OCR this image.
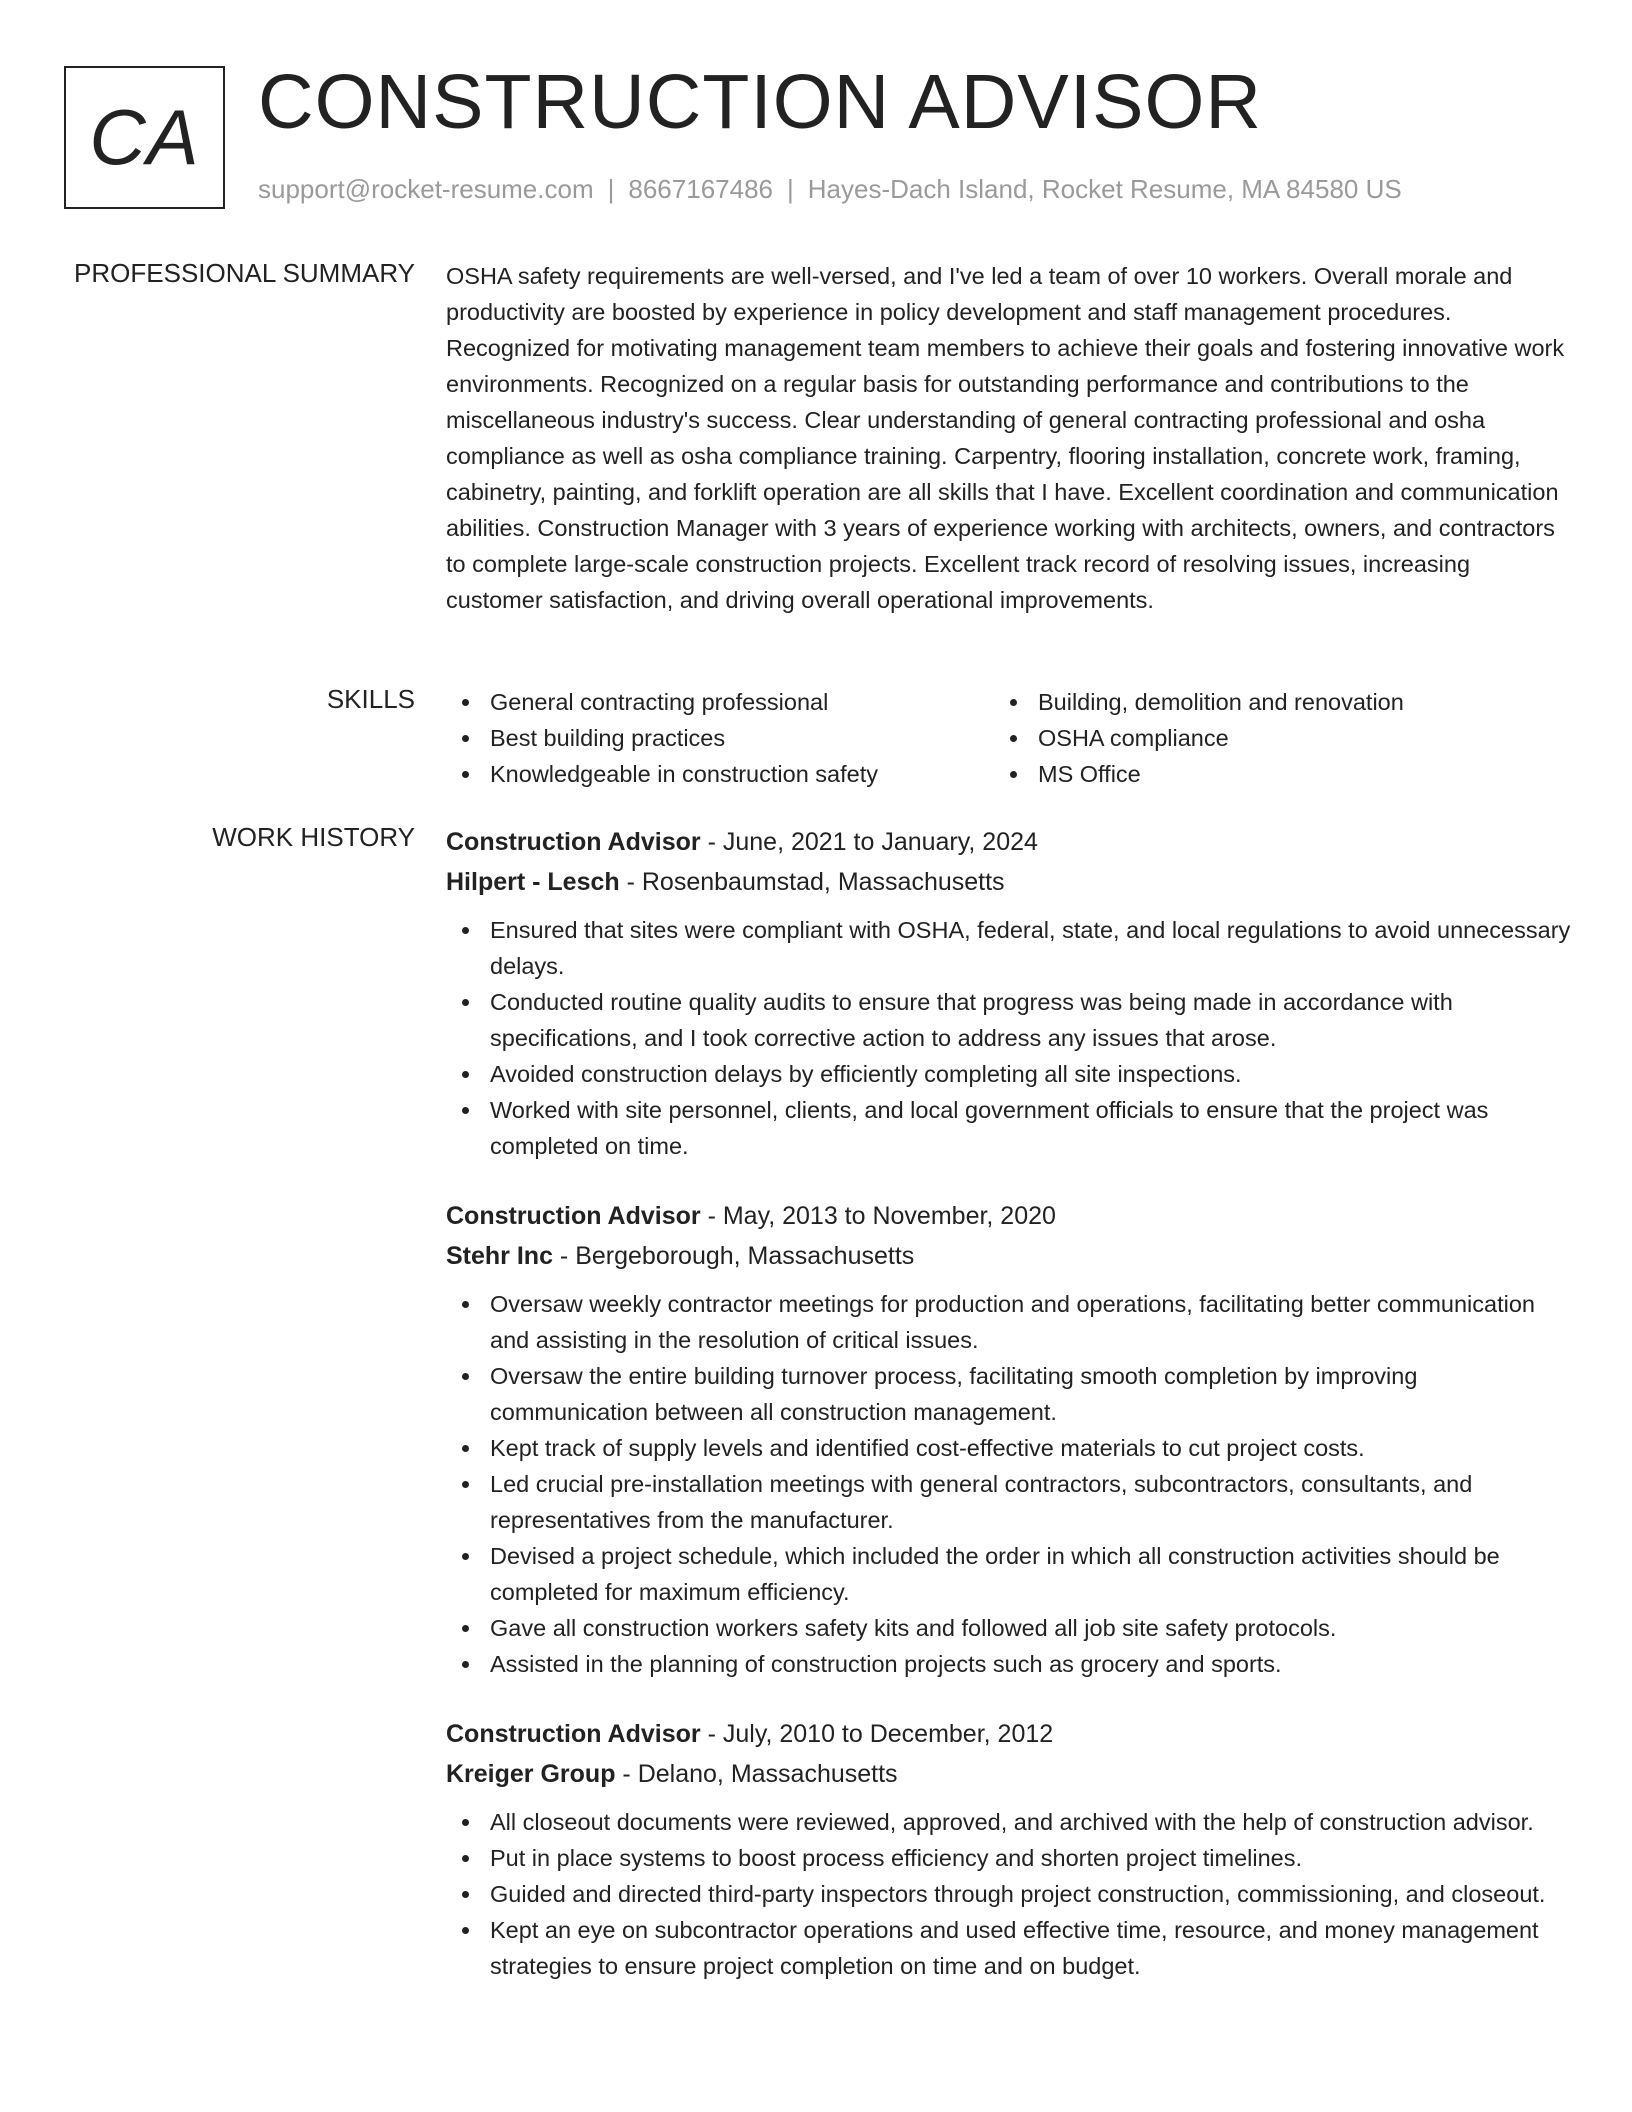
CA CONSTRUCTION ADVISOR
support@rocket-resume.com | 8667167486 | Hayes-Dach Island, Rocket Resume, MA 84580 US
PROFESSIONAL SUMMARY OSHA safety requirements are well-versed, and I've led a team of over 10 workers. Overall morale and productivity are boosted by experience in policy development and staff management procedures. Recognized for motivating management team members to achieve their goals and fostering innovative work environments. Recognized on a regular basis for outstanding performance and contributions to the miscellaneous industry's success. Clear understanding of general contracting professional and osha compliance as well as osha compliance training. Carpentry, flooring installation, concrete work, framing, cabinetry, painting, and forklift operation are all skills that I have. Excellent coordination and communication abilities. Construction Manager with 3 years of experience working with architects, owners, and contractors to complete large-scale construction projects. Excellent track record of resolving issues, increasing customer satisfaction, and driving overall operational improvements.

SKILLS	General contracting professional
Best building practices
Knowledgeable in construction safety
Building, demolition and renovation
OSHA compliance
MS Office
WORK HISTORY Construction Advisor - June, 2021 to January, 2024
Hilpert - Lesch - Rosenbaumstad, Massachusetts
Ensured that sites were compliant with OSHA, federal, state, and local regulations to avoid unnecessary delays.
Conducted routine quality audits to ensure that progress was being made in accordance with specifications, and I took corrective action to address any issues that arose.
Avoided construction delays by efficiently completing all site inspections.
Worked with site personnel, clients, and local government officials to ensure that the project was completed on time.
Construction Advisor - May, 2013 to November, 2020
Stehr Inc - Bergeborough, Massachusetts
Oversaw weekly contractor meetings for production and operations, facilitating better communication and assisting in the resolution of critical issues.
Oversaw the entire building turnover process, facilitating smooth completion by improving communication between all construction management.
Kept track of supply levels and identified cost-effective materials to cut project costs.
Led crucial pre-installation meetings with general contractors, subcontractors, consultants, and representatives from the manufacturer.
Devised a project schedule, which included the order in which all construction activities should be completed for maximum efficiency.
Gave all construction workers safety kits and followed all job site safety protocols.
Assisted in the planning of construction projects such as grocery and sports.
Construction Advisor - July, 2010 to December, 2012
Kreiger Group - Delano, Massachusetts
All closeout documents were reviewed, approved, and archived with the help of construction advisor.
Put in place systems to boost process efficiency and shorten project timelines.
Guided and directed third-party inspectors through project construction, commissioning, and closeout.
Kept an eye on subcontractor operations and used effective time, resource, and money management strategies to ensure project completion on time and on budget.
